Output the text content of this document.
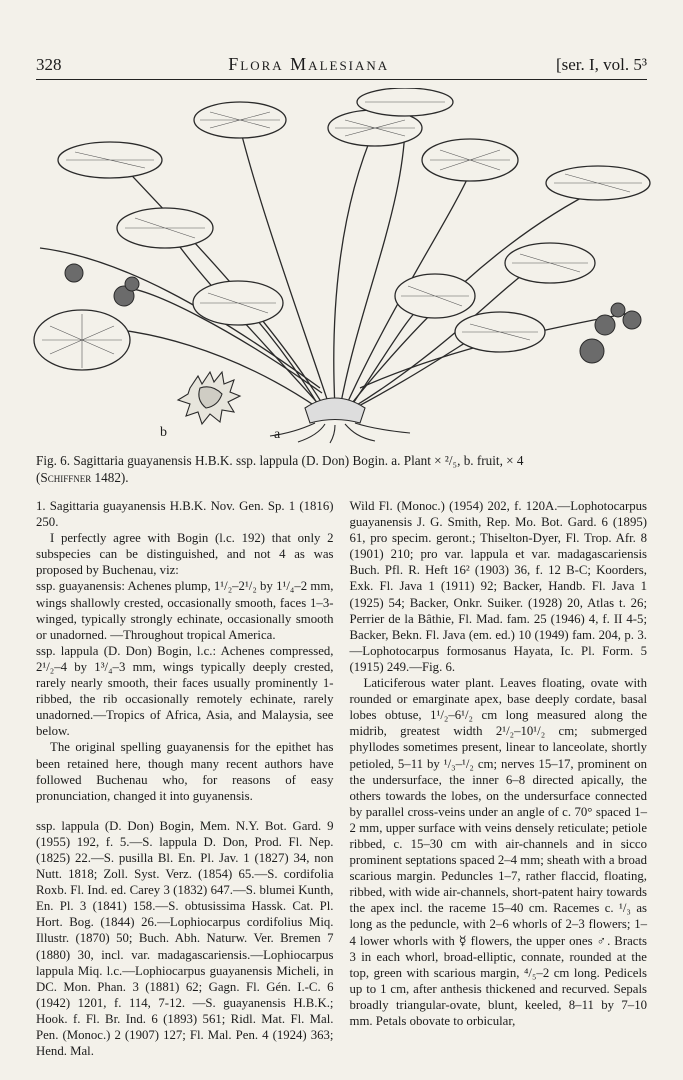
328	Flora Malesiana	[ser. I, vol. 5³
b	a
Fig. 6. Sagittaria guayanensis H.B.K. ssp. lappula (D. Don) Bogin. a. Plant × ²/₅, b. fruit, × 4
(Schiffner 1482).

1. Sagittaria guayanensis H.B.K. Nov. Gen. Sp. 1 (1816) 250.

I perfectly agree with Bogin (l.c. 192) that only 2 subspecies can be distinguished, and not 4 as was proposed by Buchenau, viz:

ssp. guayanensis: Achenes plump, 1¹/₂–2¹/₂ by 1¹/₄–2 mm, wings shallowly crested, occasionally smooth, faces 1–3-winged, typically strongly echinate, occasionally smooth or unadorned. —Throughout tropical America.

ssp. lappula (D. Don) Bogin, l.c.: Achenes compressed, 2¹/₂–4 by 1³/₄–3 mm, wings typically deeply crested, rarely nearly smooth, their faces usually prominently 1-ribbed, the rib occasionally remotely echinate, rarely unadorned.—Tropics of Africa, Asia, and Malaysia, see below.

The original spelling guayanensis for the epithet has been retained here, though many recent authors have followed Buchenau who, for reasons of easy pronunciation, changed it into guyanensis.

ssp. lappula (D. Don) Bogin, Mem. N.Y. Bot. Gard. 9 (1955) 192, f. 5.—S. lappula D. Don, Prod. Fl. Nep. (1825) 22.—S. pusilla Bl. En. Pl. Jav. 1 (1827) 34, non Nutt. 1818; Zoll. Syst. Verz. (1854) 65.—S. cordifolia Roxb. Fl. Ind. ed. Carey 3 (1832) 647.—S. blumei Kunth, En. Pl. 3 (1841) 158.—S. obtusissima Hassk. Cat. Pl. Hort. Bog. (1844) 26.—Lophiocarpus cordifolius Miq. Illustr. (1870) 50; Buch. Abh. Naturw. Ver. Bremen 7 (1880) 30, incl. var. madagascariensis.—Lophiocarpus lappula Miq. l.c.—Lophiocarpus guayanensis Micheli, in DC. Mon. Phan. 3 (1881) 62; Gagn. Fl. Gén. I.-C. 6 (1942) 1201, f. 114, 7-12. —S. guayanensis H.B.K.; Hook. f. Fl. Br. Ind. 6 (1893) 561; Ridl. Mat. Fl. Mal. Pen. (Monoc.) 2 (1907) 127; Fl. Mal. Pen. 4 (1924) 363; Hend. Mal.

Wild Fl. (Monoc.) (1954) 202, f. 120A.—Lophotocarpus guayanensis J. G. Smith, Rep. Mo. Bot. Gard. 6 (1895) 61, pro specim. geront.; Thiselton-Dyer, Fl. Trop. Afr. 8 (1901) 210; pro var. lappula et var. madagascariensis Buch. Pfl. R. Heft 16² (1903) 36, f. 12 B-C; Koorders, Exk. Fl. Java 1 (1911) 92; Backer, Handb. Fl. Java 1 (1925) 54; Backer, Onkr. Suiker. (1928) 20, Atlas t. 26; Perrier de la Bâthie, Fl. Mad. fam. 25 (1946) 4, f. II 4-5; Backer, Bekn. Fl. Java (em. ed.) 10 (1949) fam. 204, p. 3.—Lophotocarpus formosanus Hayata, Ic. Pl. Form. 5 (1915) 249.—Fig. 6.

Laticiferous water plant. Leaves floating, ovate with rounded or emarginate apex, base deeply cordate, basal lobes obtuse, 1¹/₂–6¹/₂ cm long measured along the midrib, greatest width 2¹/₂–10¹/₂ cm; submerged phyllodes sometimes present, linear to lanceolate, shortly petioled, 5–11 by ¹/₃–¹/₂ cm; nerves 15–17, prominent on the undersurface, the inner 6–8 directed apically, the others towards the lobes, on the undersurface connected by parallel cross-veins under an angle of c. 70° spaced 1–2 mm, upper surface with veins densely reticulate; petiole ribbed, c. 15–30 cm with air-channels and in sicco prominent septations spaced 2–4 mm; sheath with a broad scarious margin. Peduncles 1–7, rather flaccid, floating, ribbed, with wide air-channels, short-patent hairy towards the apex incl. the raceme 15–40 cm. Racemes c. ¹/₃ as long as the peduncle, with 2–6 whorls of 2–3 flowers; 1–4 lower whorls with ☿ flowers, the upper ones ♂. Bracts 3 in each whorl, broad-elliptic, connate, rounded at the top, green with scarious margin, ⁴/₅–2 cm long. Pedicels up to 1 cm, after anthesis thickened and recurved. Sepals broadly triangular-ovate, blunt, keeled, 8–11 by 7–10 mm. Petals obovate to orbicular,
